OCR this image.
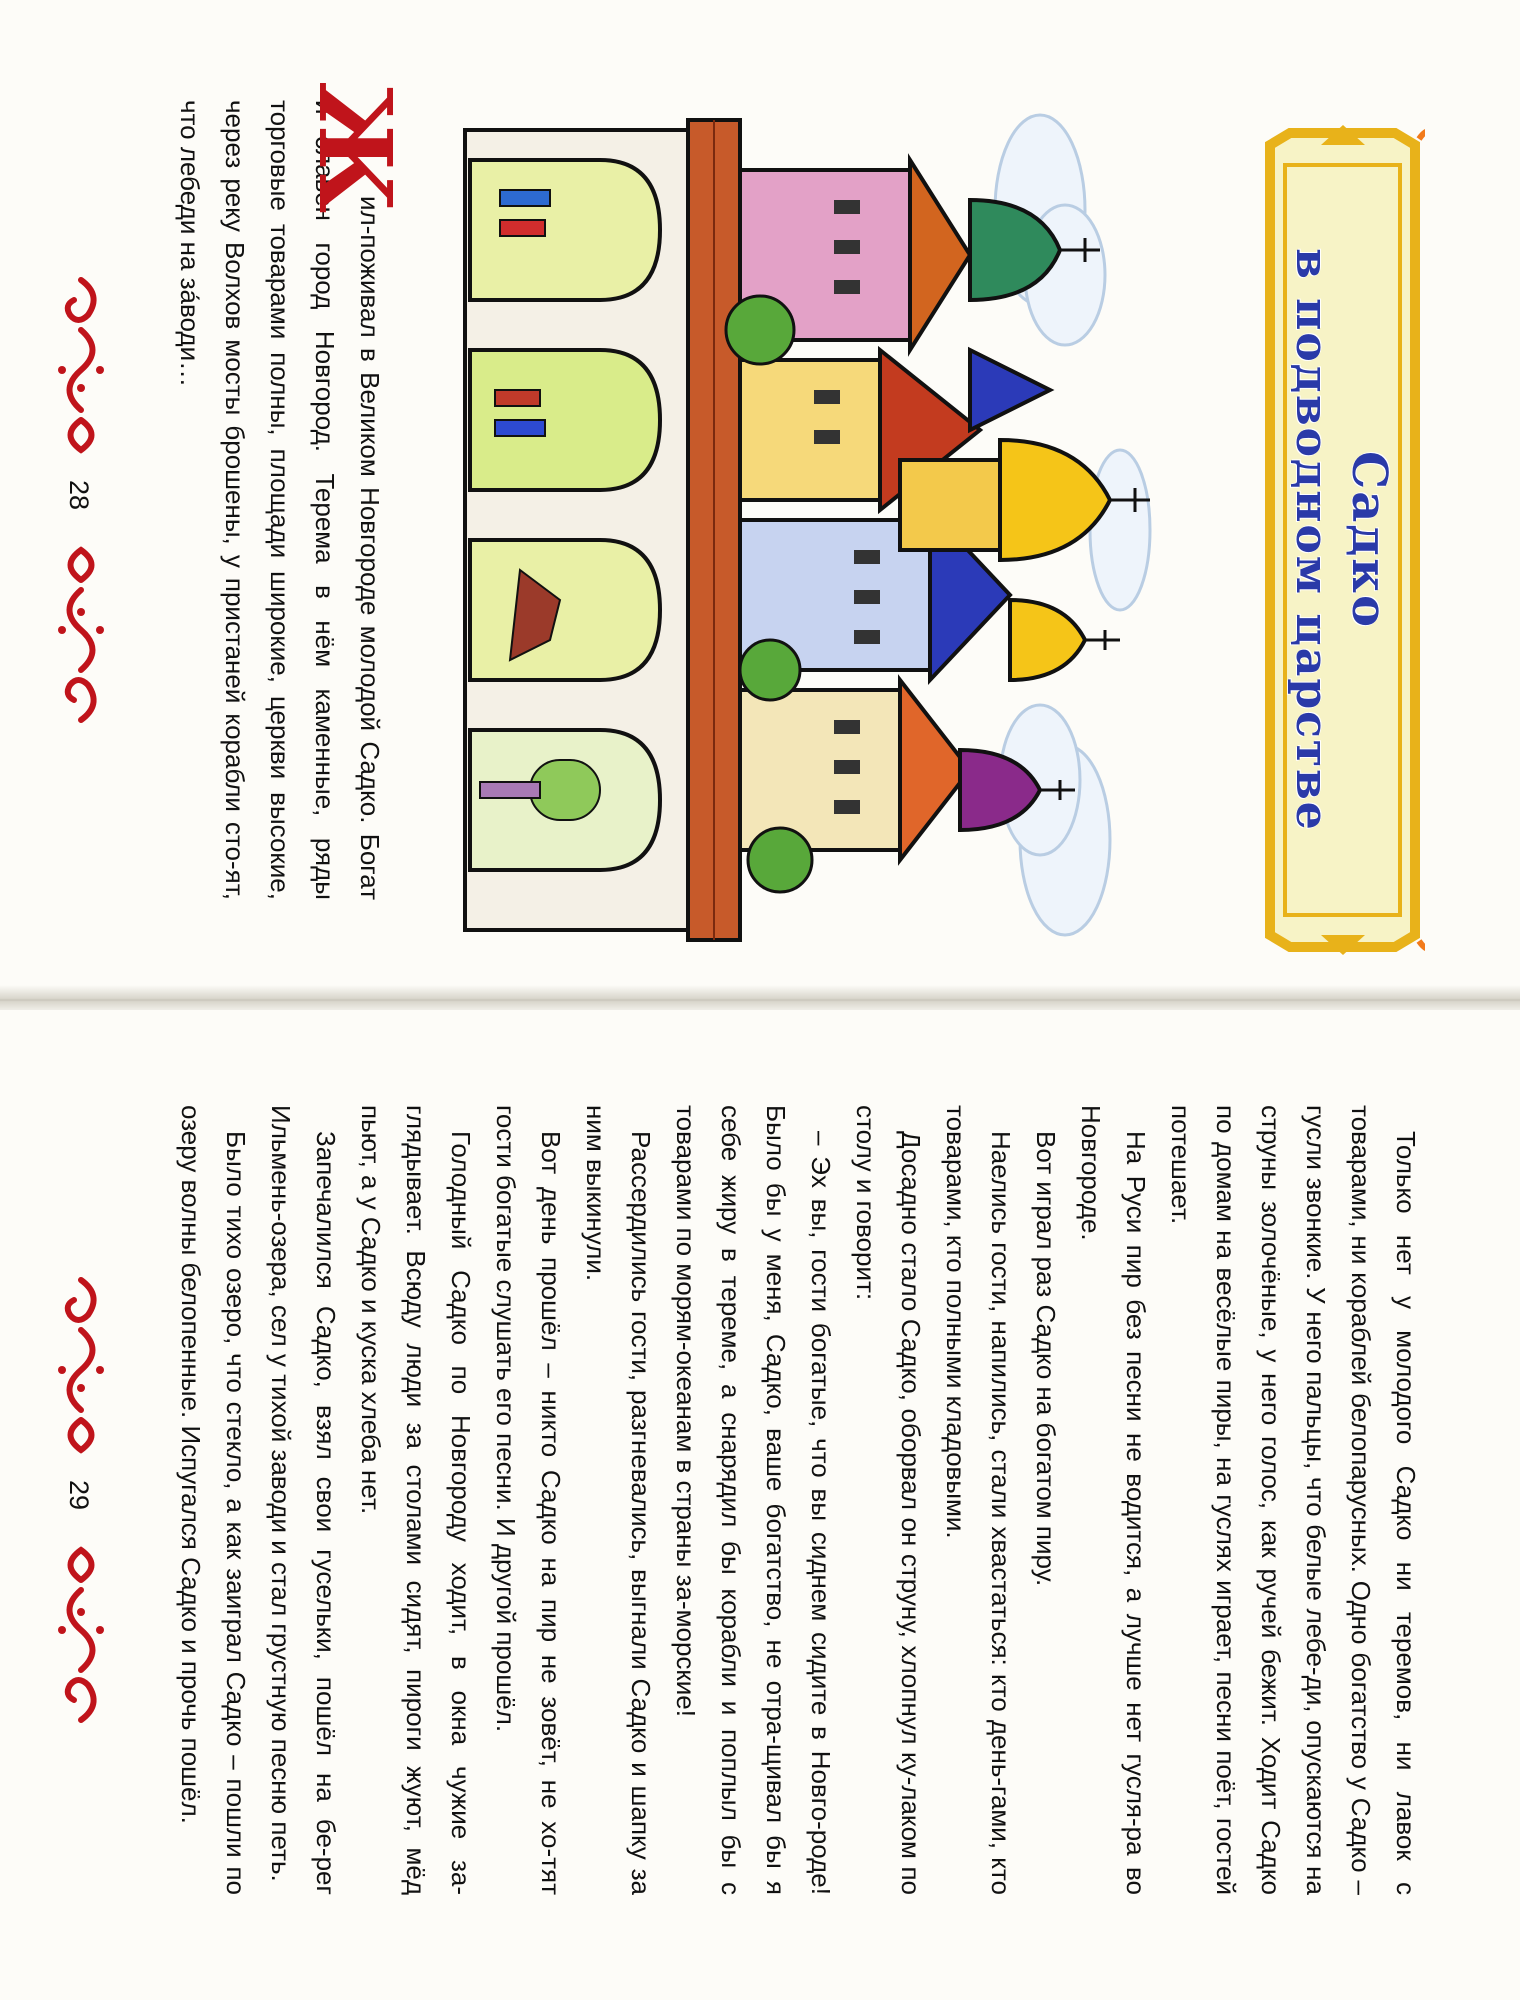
Садко
в подводном царстве
Ж

ил-поживал в Великом Новгороде молодой Садко. Богат и славен город Новгород. Терема в нём каменные, ряды торговые товарами полны, площади широкие, церкви высокие, через реку Волхов мосты брошены, у пристаней корабли сто-ят, что лебеди на за́води…

28

Только нет у молодого Садко ни теремов, ни лавок с товарами, ни кораблей белопарусных. Одно богатство у Садко – гусли звонкие. У него пальцы, что белые лебе-ди, опускаются на струны золочёные, у него голос, как ручей бежит. Ходит Садко по домам на весёлые пиры, на гуслях играет, песни поёт, гостей потешает.

На Руси пир без песни не водится, а лучше нет гусля-ра во Новгороде.

Вот играл раз Садко на богатом пиру.

Наелись гости, напились, стали хвастаться: кто день-гами, кто товарами, кто полными кладовыми.

Досадно стало Садко, оборвал он струну, хлопнул ку-лаком по столу и говорит:

– Эх вы, гости богатые, что вы сиднем сидите в Новго-роде! Было бы у меня, Садко, ваше богатство, не отра-щивал бы я себе жиру в тереме, а снарядил бы корабли и поплыл бы с товарами по морям-океанам в страны за-морские!

Рассердились гости, разгневались, выгнали Садко и шапку за ним выкинули.

Вот день прошёл – никто Садко на пир не зовёт, не хо-тят гости богатые слушать его песни. И другой прошёл.

Голодный Садко по Новгороду ходит, в окна чужие за-глядывает. Всюду люди за столами сидят, пироги жуют, мёд пьют, а у Садко и куска хлеба нет.

Запечалился Садко, взял свои гусельки, пошёл на бе-рег Ильмень-озера, сел у тихой заводи и стал грустную песню петь.

Было тихо озеро, что стекло, а как заиграл Садко – пошли по озеру волны белопенные. Испугался Садко и прочь пошёл.

29
